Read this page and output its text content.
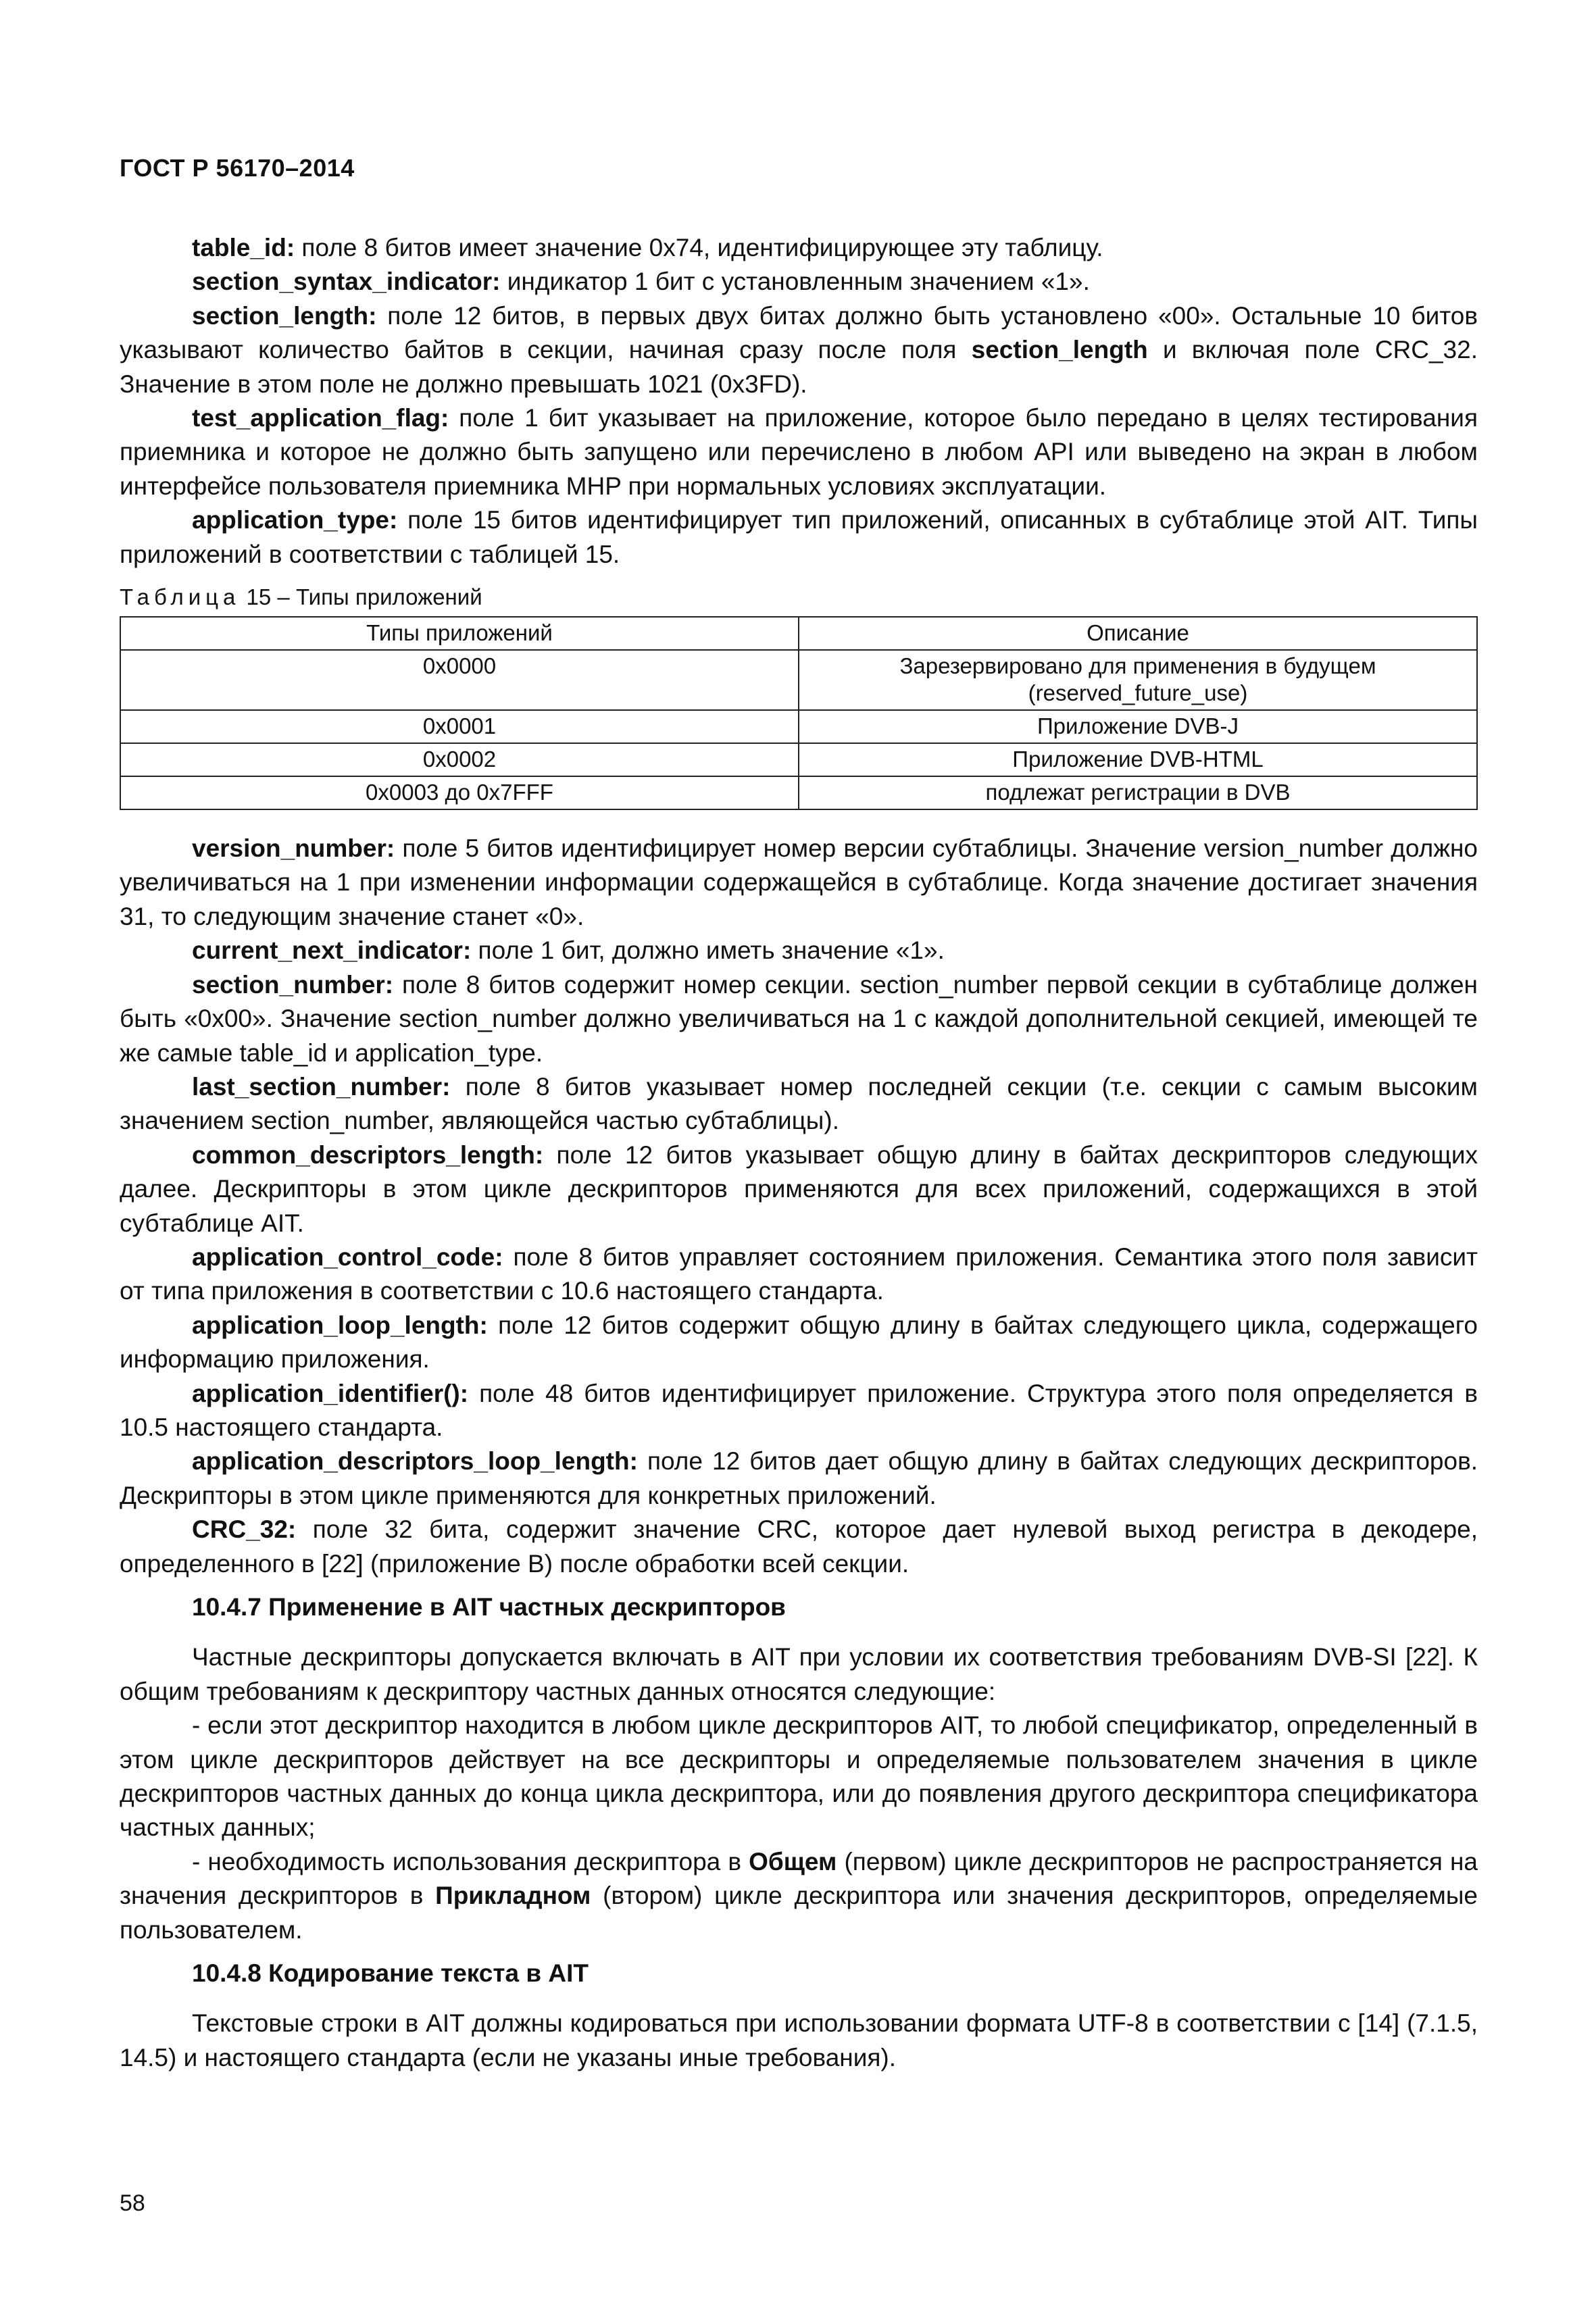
ГОСТ Р 56170–2014

table_id: поле 8 битов имеет значение 0x74, идентифицирующее эту таблицу.

section_syntax_indicator: индикатор 1 бит с установленным значением «1».

section_length: поле 12 битов, в первых двух битах должно быть установлено «00». Остальные 10 битов указывают количество байтов в секции, начиная сразу после поля section_length и включая поле CRC_32. Значение в этом поле не должно превышать 1021 (0x3FD).

test_application_flag: поле 1 бит указывает на приложение, которое было передано в целях тестирования приемника и которое не должно быть запущено или перечислено в любом API или выведено на экран в любом интерфейсе пользователя приемника MHP при нормальных условиях эксплуатации.

application_type: поле 15 битов идентифицирует тип приложений, описанных в субтаблице этой AIT. Типы приложений в соответствии с таблицей 15.

Таблица 15 – Типы приложений
Типы приложений	Описание
0x0000	Зарезервировано для применения в будущем (reserved_future_use)
0x0001	Приложение DVB-J
0x0002	Приложение DVB-HTML
0x0003 до 0x7FFF	подлежат регистрации в DVB

version_number: поле 5 битов идентифицирует номер версии субтаблицы. Значение version_number должно увеличиваться на 1 при изменении информации содержащейся в субтаблице. Когда значение достигает значения 31, то следующим значение станет «0».

current_next_indicator: поле 1 бит, должно иметь значение «1».

section_number: поле 8 битов содержит номер секции. section_number первой секции в субтаблице должен быть «0x00». Значение section_number должно увеличиваться на 1 с каждой дополнительной секцией, имеющей те же самые table_id и application_type.

last_section_number: поле 8 битов указывает номер последней секции (т.е. секции с самым высоким значением section_number, являющейся частью субтаблицы).

common_descriptors_length: поле 12 битов указывает общую длину в байтах дескрипторов следующих далее. Дескрипторы в этом цикле дескрипторов применяются для всех приложений, содержащихся в этой субтаблице AIT.

application_control_code: поле 8 битов управляет состоянием приложения. Семантика этого поля зависит от типа приложения в соответствии с 10.6 настоящего стандарта.

application_loop_length: поле 12 битов содержит общую длину в байтах следующего цикла, содержащего информацию приложения.

application_identifier(): поле 48 битов идентифицирует приложение. Структура этого поля определяется в 10.5 настоящего стандарта.

application_descriptors_loop_length: поле 12 битов дает общую длину в байтах следующих дескрипторов. Дескрипторы в этом цикле применяются для конкретных приложений.

CRC_32: поле 32 бита, содержит значение CRC, которое дает нулевой выход регистра в декодере, определенного в [22] (приложение B) после обработки всей секции.

10.4.7 Применение в AIT частных дескрипторов

Частные дескрипторы допускается включать в AIT при условии их соответствия требованиям DVB-SI [22]. К общим требованиям к дескриптору частных данных относятся следующие:

- если этот дескриптор находится в любом цикле дескрипторов AIT, то любой спецификатор, определенный в этом цикле дескрипторов действует на все дескрипторы и определяемые пользователем значения в цикле дескрипторов частных данных до конца цикла дескриптора, или до появления другого дескриптора спецификатора частных данных;

- необходимость использования дескриптора в Общем (первом) цикле дескрипторов не распространяется на значения дескрипторов в Прикладном (втором) цикле дескриптора или значения дескрипторов, определяемые пользователем.

10.4.8 Кодирование текста в AIT

Текстовые строки в AIT должны кодироваться при использовании формата UTF-8 в соответствии с [14] (7.1.5, 14.5) и настоящего стандарта (если не указаны иные требования).

58
